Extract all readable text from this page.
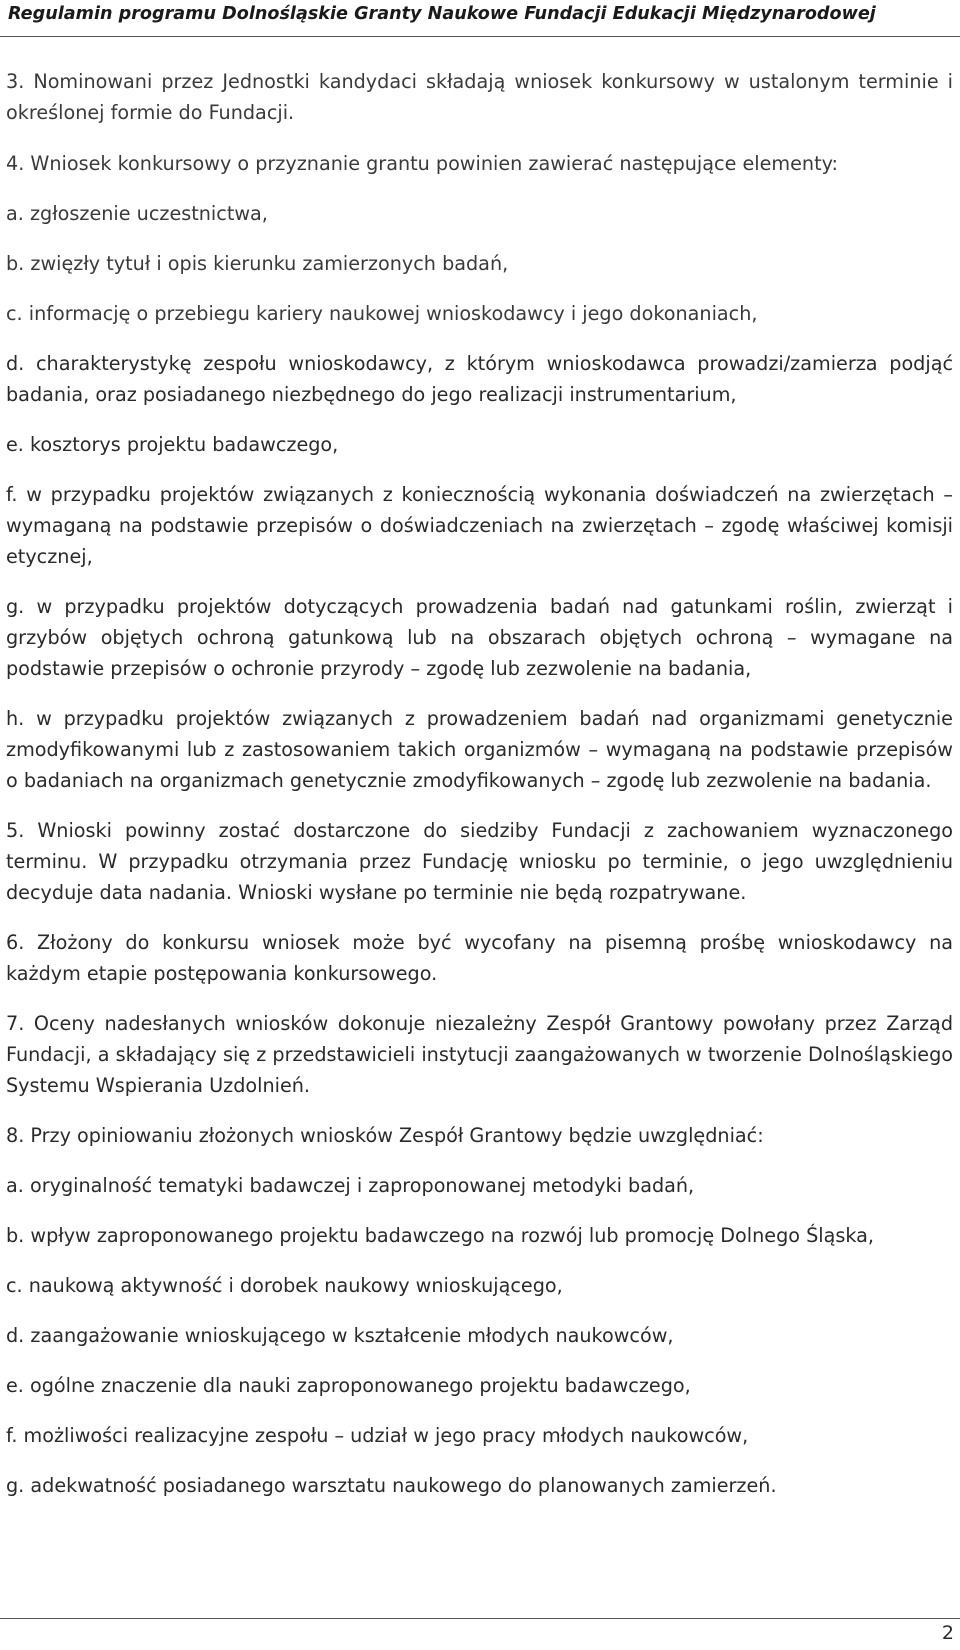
Regulamin programu Dolnośląskie Granty Naukowe Fundacji Edukacji Międzynarodowej

3. Nominowani przez Jednostki kandydaci składają wniosek konkursowy w ustalonym terminie i określonej formie do Fundacji.

4. Wniosek konkursowy o przyznanie grantu powinien zawierać następujące elementy:

a. zgłoszenie uczestnictwa,

b. zwięzły tytuł i opis kierunku zamierzonych badań,

c. informację o przebiegu kariery naukowej wnioskodawcy i jego dokonaniach,

d. charakterystykę zespołu wnioskodawcy, z którym wnioskodawca prowadzi/zamierza podjąć badania, oraz posiadanego niezbędnego do jego realizacji instrumentarium,

e. kosztorys projektu badawczego,

f. w przypadku projektów związanych z koniecznością wykonania doświadczeń na zwierzętach – wymaganą na podstawie przepisów o doświadczeniach na zwierzętach – zgodę właściwej komisji etycznej,

g. w przypadku projektów dotyczących prowadzenia badań nad gatunkami roślin, zwierząt i grzybów objętych ochroną gatunkową lub na obszarach objętych ochroną – wymagane na podstawie przepisów o ochronie przyrody – zgodę lub zezwolenie na badania,

h. w przypadku projektów związanych z prowadzeniem badań nad organizmami genetycznie zmodyfikowanymi lub z zastosowaniem takich organizmów – wymaganą na podstawie przepisów o badaniach na organizmach genetycznie zmodyfikowanych – zgodę lub zezwolenie na badania.

5. Wnioski powinny zostać dostarczone do siedziby Fundacji z zachowaniem wyznaczonego terminu. W przypadku otrzymania przez Fundację wniosku po terminie, o jego uwzględnieniu decyduje data nadania. Wnioski wysłane po terminie nie będą rozpatrywane.

6. Złożony do konkursu wniosek może być wycofany na pisemną prośbę wnioskodawcy na każdym etapie postępowania konkursowego.

7. Oceny nadesłanych wniosków dokonuje niezależny Zespół Grantowy powołany przez Zarząd Fundacji, a składający się z przedstawicieli instytucji zaangażowanych w tworzenie Dolnośląskiego Systemu Wspierania Uzdolnień.

8. Przy opiniowaniu złożonych wniosków Zespół Grantowy będzie uwzględniać:

a. oryginalność tematyki badawczej i zaproponowanej metodyki badań,

b. wpływ zaproponowanego projektu badawczego na rozwój lub promocję Dolnego Śląska,

c. naukową aktywność i dorobek naukowy wnioskującego,

d. zaangażowanie wnioskującego w kształcenie młodych naukowców,

e. ogólne znaczenie dla nauki zaproponowanego projektu badawczego,

f. możliwości realizacyjne zespołu – udział w jego pracy młodych naukowców,

g. adekwatność posiadanego warsztatu naukowego do planowanych zamierzeń.

2
